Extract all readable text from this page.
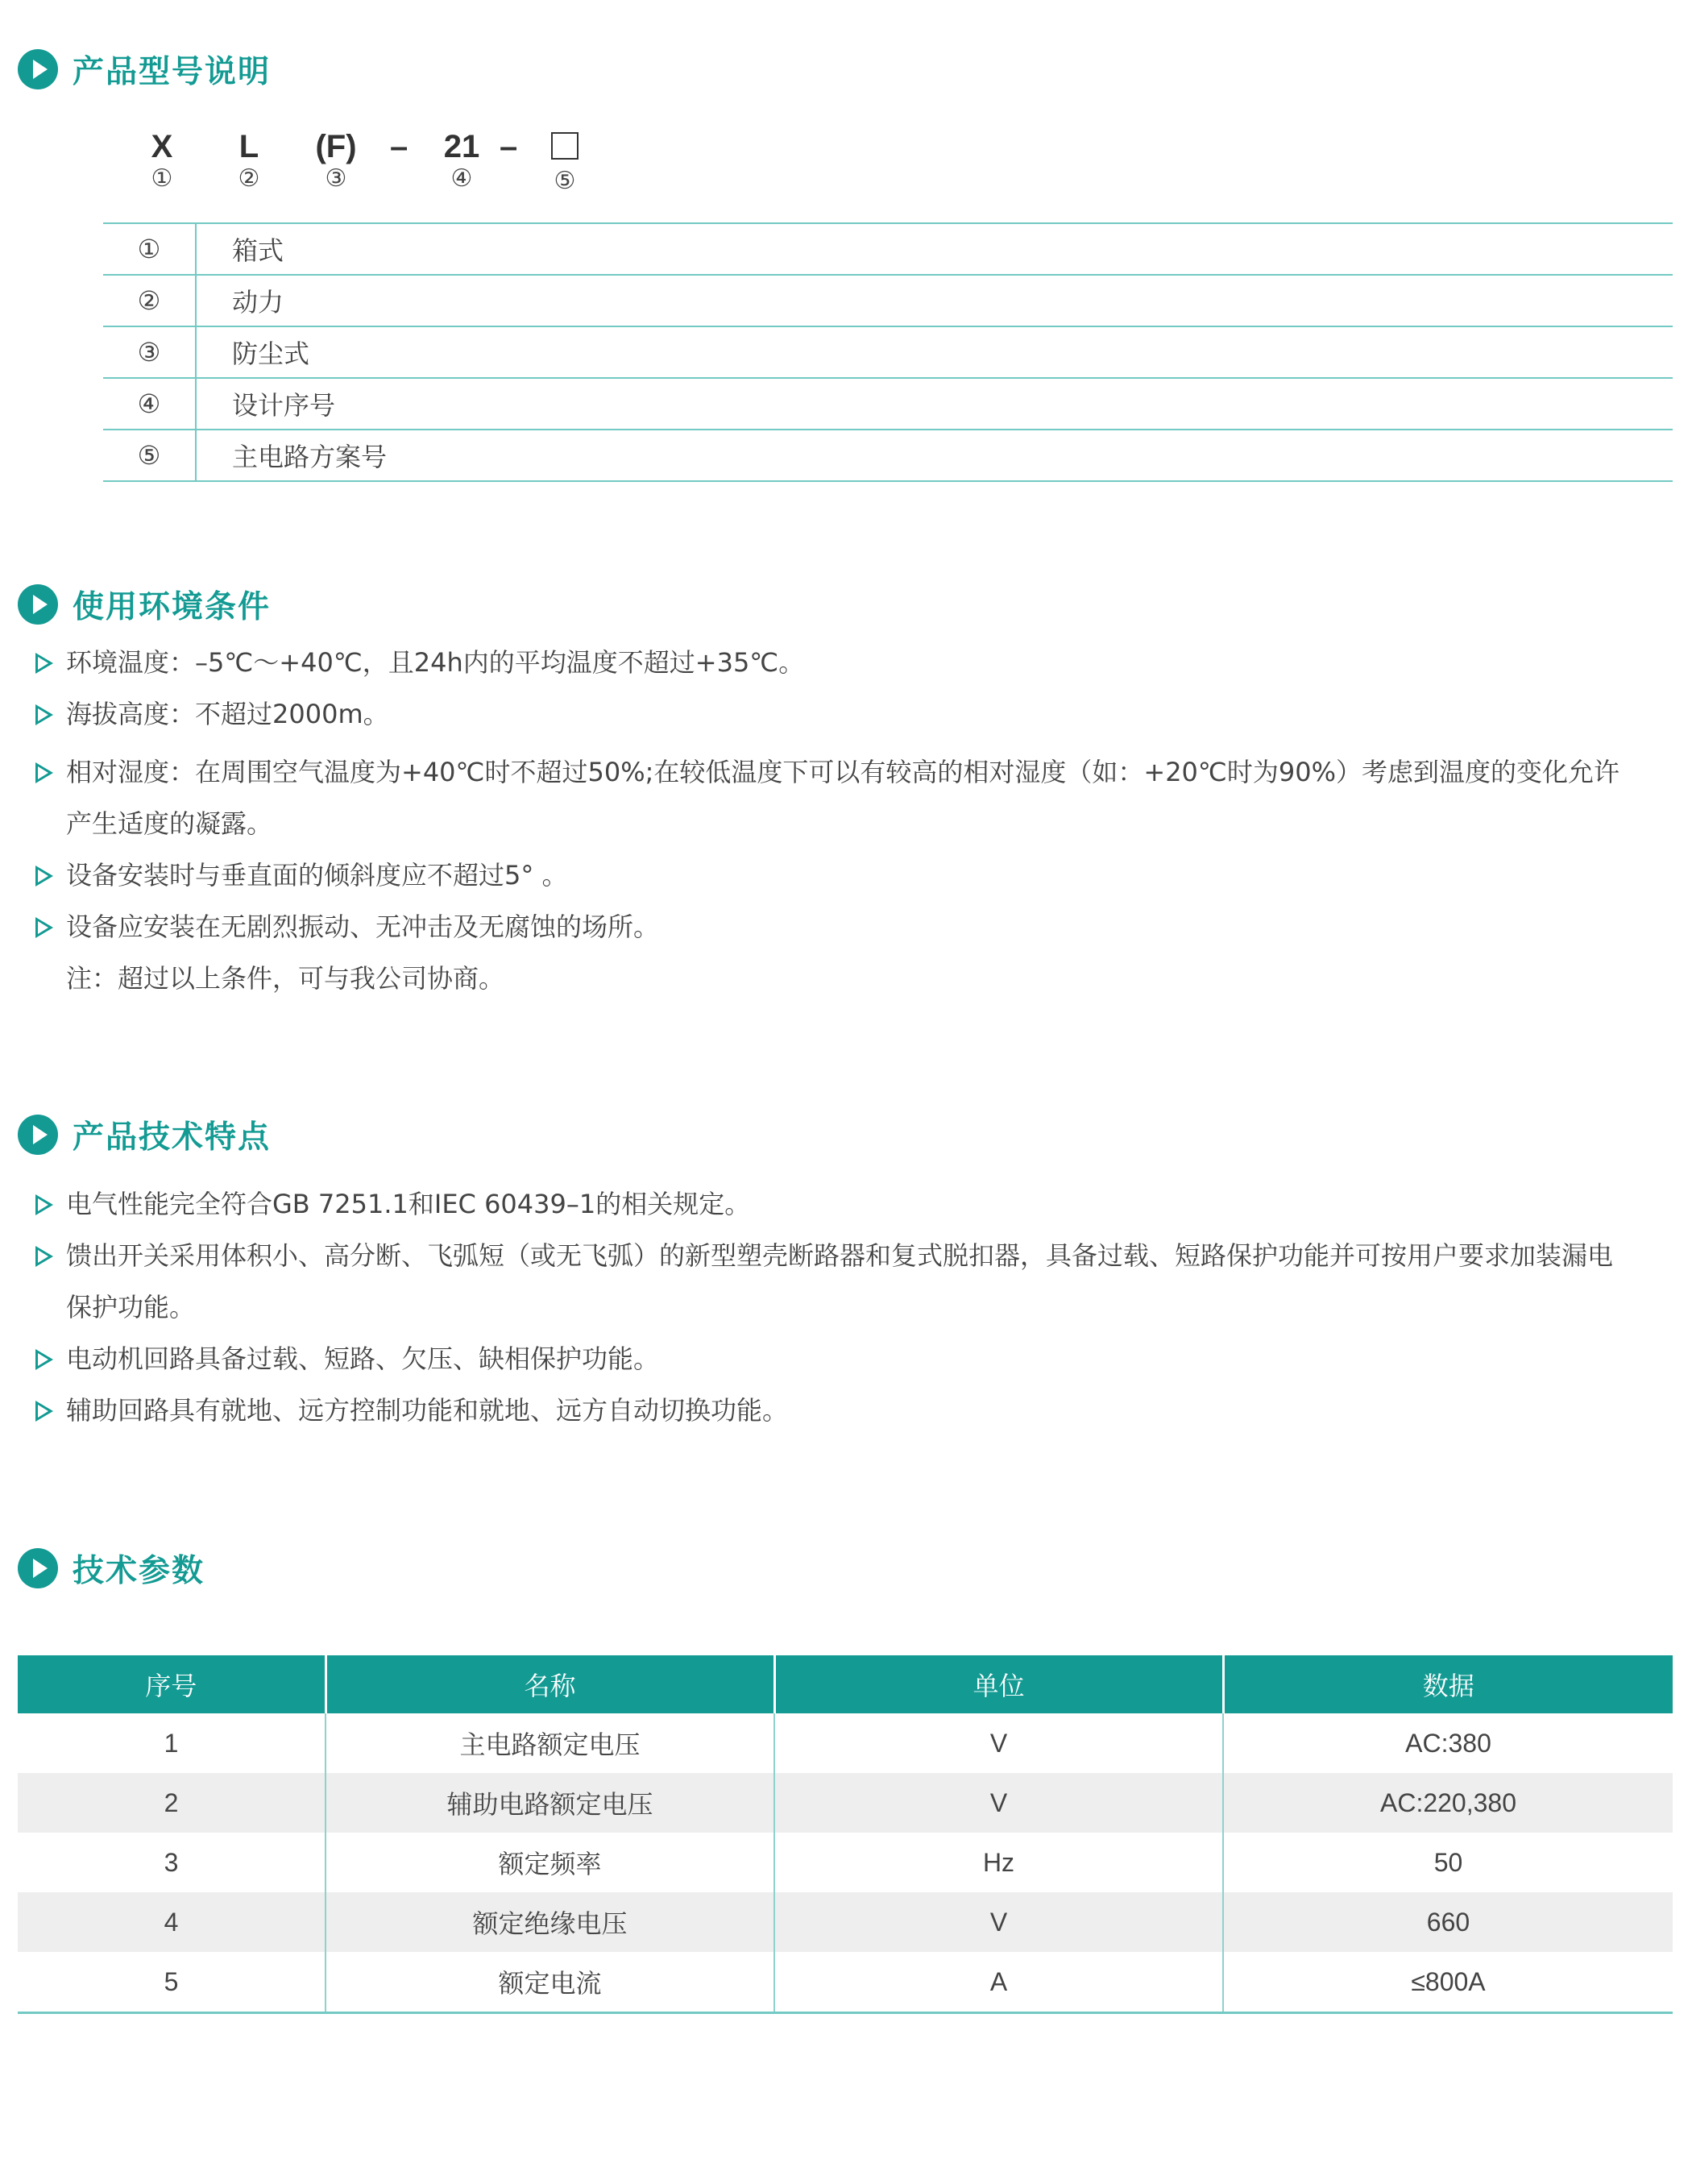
产品型号说明
X
①
L
②
(F)
③
–	21
④
–
⑤
①	箱式
②	动力
③	防尘式
④	设计序号
⑤	主电路方案号
使用环境条件
环境温度：–5℃～+40℃，且24h内的平均温度不超过+35℃。
海拔高度：不超过2000m。
相对湿度：在周围空气温度为+40℃时不超过50%;在较低温度下可以有较高的相对湿度（如：+20℃时为90%）考虑到温度的变化允许
产生适度的凝露。
设备安装时与垂直面的倾斜度应不超过5° 。
设备应安装在无剧烈振动、无冲击及无腐蚀的场所。
注：超过以上条件，可与我公司协商。
产品技术特点
电气性能完全符合GB 7251.1和IEC 60439–1的相关规定。
馈出开关采用体积小、高分断、飞弧短（或无飞弧）的新型塑壳断路器和复式脱扣器，具备过载、短路保护功能并可按用户要求加装漏电
保护功能。
电动机回路具备过载、短路、欠压、缺相保护功能。
辅助回路具有就地、远方控制功能和就地、远方自动切换功能。
技术参数
序号	名称	单位	数据
1	主电路额定电压	V	AC:380
2	辅助电路额定电压	V	AC:220,380
3	额定频率	Hz	50
4	额定绝缘电压	V	660
5	额定电流	A	≤800A
